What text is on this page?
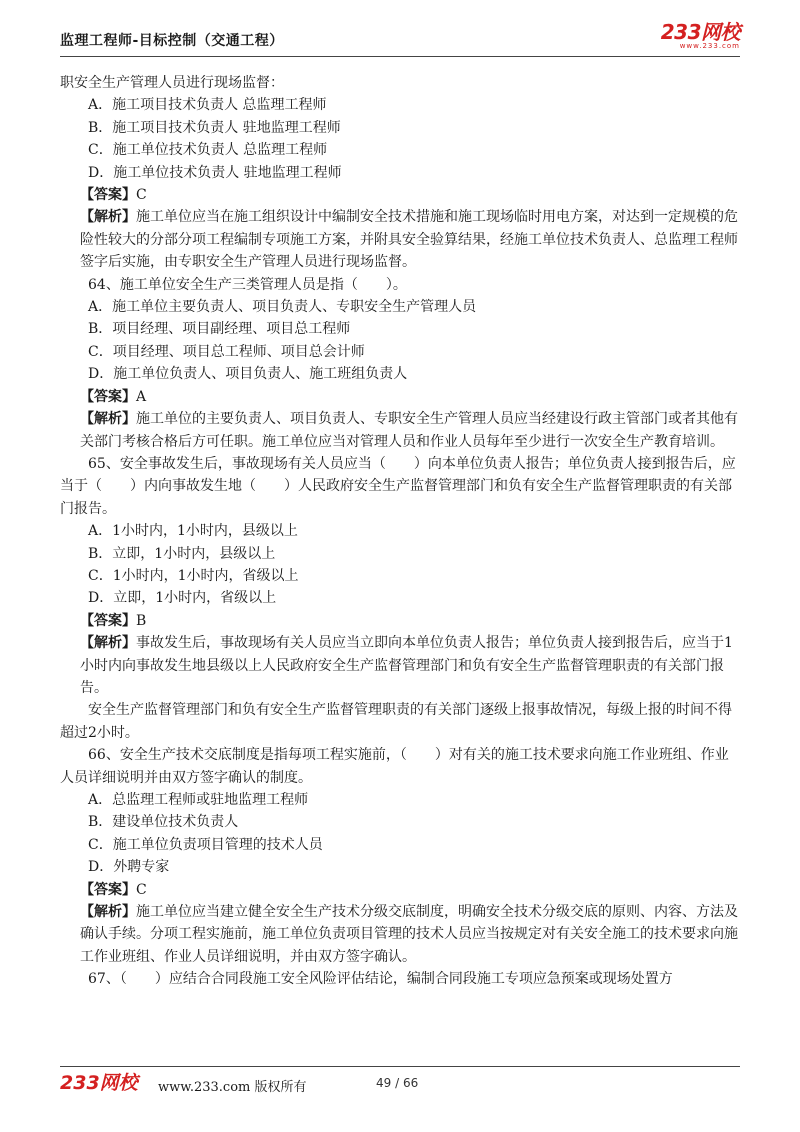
监理工程师-目标控制（交通工程）	233网校
www.233.com

职安全生产管理人员进行现场监督：

A．施工项目技术负责人 总监理工程师

B．施工项目技术负责人 驻地监理工程师

C．施工单位技术负责人 总监理工程师

D．施工单位技术负责人 驻地监理工程师

【答案】C

【解析】施工单位应当在施工组织设计中编制安全技术措施和施工现场临时用电方案，对达到一定规模的危险性较大的分部分项工程编制专项施工方案，并附具安全验算结果，经施工单位技术负责人、总监理工程师签字后实施，由专职安全生产管理人员进行现场监督。

64、施工单位安全生产三类管理人员是指（　　）。

A．施工单位主要负责人、项目负责人、专职安全生产管理人员

B．项目经理、项目副经理、项目总工程师

C．项目经理、项目总工程师、项目总会计师

D．施工单位负责人、项目负责人、施工班组负责人

【答案】A

【解析】施工单位的主要负责人、项目负责人、专职安全生产管理人员应当经建设行政主管部门或者其他有关部门考核合格后方可任职。施工单位应当对管理人员和作业人员每年至少进行一次安全生产教育培训。

65、安全事故发生后，事故现场有关人员应当（　　）向本单位负责人报告；单位负责人接到报告后，应当于（　　）内向事故发生地（　　）人民政府安全生产监督管理部门和负有安全生产监督管理职责的有关部门报告。

A．1小时内，1小时内，县级以上

B．立即，1小时内，县级以上

C．1小时内，1小时内，省级以上

D．立即，1小时内，省级以上

【答案】B

【解析】事故发生后，事故现场有关人员应当立即向本单位负责人报告；单位负责人接到报告后，应当于1小时内向事故发生地县级以上人民政府安全生产监督管理部门和负有安全生产监督管理职责的有关部门报告。

安全生产监督管理部门和负有安全生产监督管理职责的有关部门逐级上报事故情况，每级上报的时间不得超过2小时。

66、安全生产技术交底制度是指每项工程实施前，（　　）对有关的施工技术要求向施工作业班组、作业人员详细说明并由双方签字确认的制度。

A．总监理工程师或驻地监理工程师

B．建设单位技术负责人

C．施工单位负责项目管理的技术人员

D．外聘专家

【答案】C

【解析】施工单位应当建立健全安全生产技术分级交底制度，明确安全技术分级交底的原则、内容、方法及确认手续。分项工程实施前，施工单位负责项目管理的技术人员应当按规定对有关安全施工的技术要求向施工作业班组、作业人员详细说明，并由双方签字确认。

67、（　　）应结合合同段施工安全风险评估结论，编制合同段施工专项应急预案或现场处置方

233网校 www.233.com 版权所有	49 / 66
